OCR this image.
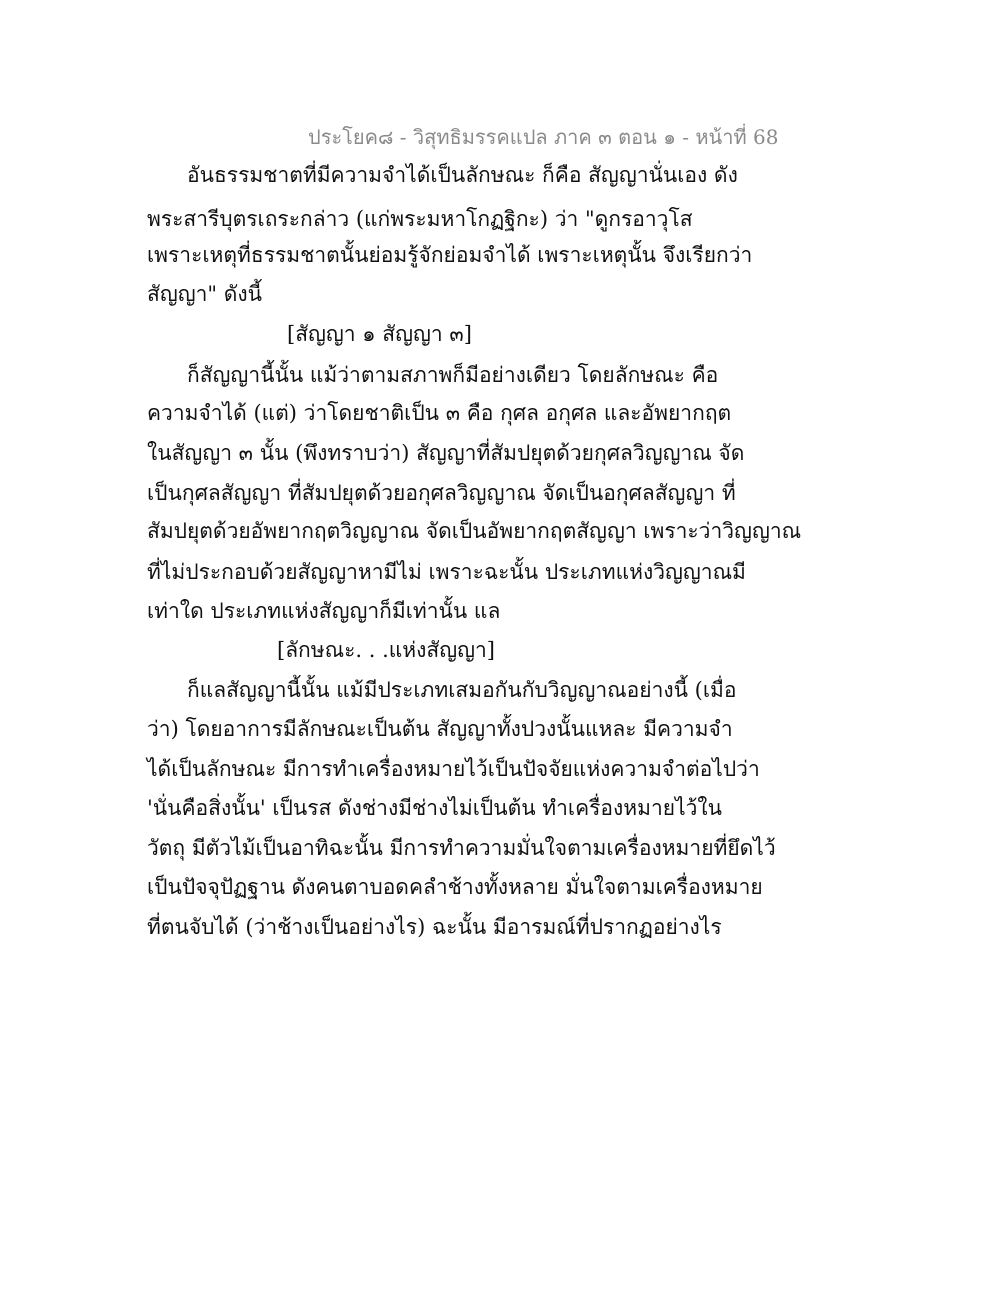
ประโยค๘ - วิสุทธิมรรคแปล ภาค ๓ ตอน ๑ - หน้าที่ 68
อันธรรมชาตที่มีความจำได้เป็นลักษณะ ก็คือ สัญญานั่นเอง ดัง
พระสารีบุตรเถระกล่าว (แก่พระมหาโกฏฐิกะ) ว่า "ดูกรอาวุโส
เพราะเหตุที่ธรรมชาตนั้นย่อมรู้จักย่อมจำได้ เพราะเหตุนั้น จึงเรียกว่า
สัญญา" ดังนี้
[สัญญา ๑ สัญญา ๓]
ก็สัญญานี้นั้น แม้ว่าตามสภาพก็มีอย่างเดียว โดยลักษณะ คือ
ความจำได้ (แต่) ว่าโดยชาติเป็น ๓ คือ กุศล อกุศล และอัพยากฤต
ในสัญญา ๓ นั้น (พึงทราบว่า) สัญญาที่สัมปยุตด้วยกุศลวิญญาณ จัด
เป็นกุศลสัญญา ที่สัมปยุตด้วยอกุศลวิญญาณ จัดเป็นอกุศลสัญญา ที่
สัมปยุตด้วยอัพยากฤตวิญญาณ จัดเป็นอัพยากฤตสัญญา เพราะว่าวิญญาณ
ที่ไม่ประกอบด้วยสัญญาหามีไม่ เพราะฉะนั้น ประเภทแห่งวิญญาณมี
เท่าใด ประเภทแห่งสัญญาก็มีเท่านั้น แล
[ลักษณะ. . .แห่งสัญญา]
ก็แลสัญญานี้นั้น แม้มีประเภทเสมอกันกับวิญญาณอย่างนี้ (เมื่อ
ว่า) โดยอาการมีลักษณะเป็นต้น สัญญาทั้งปวงนั้นแหละ มีความจำ
ได้เป็นลักษณะ มีการทำเครื่องหมายไว้เป็นปัจจัยแห่งความจำต่อไปว่า
'นั่นคือสิ่งนั้น' เป็นรส ดังช่างมีช่างไม่เป็นต้น ทำเครื่องหมายไว้ใน
วัตถุ มีตัวไม้เป็นอาทิฉะนั้น มีการทำความมั่นใจตามเครื่องหมายที่ยึดไว้
เป็นปัจจุปัฏฐาน ดังคนตาบอดคลำช้างทั้งหลาย มั่นใจตามเครื่องหมาย
ที่ตนจับได้ (ว่าช้างเป็นอย่างไร) ฉะนั้น มีอารมณ์ที่ปรากฏอย่างไร
